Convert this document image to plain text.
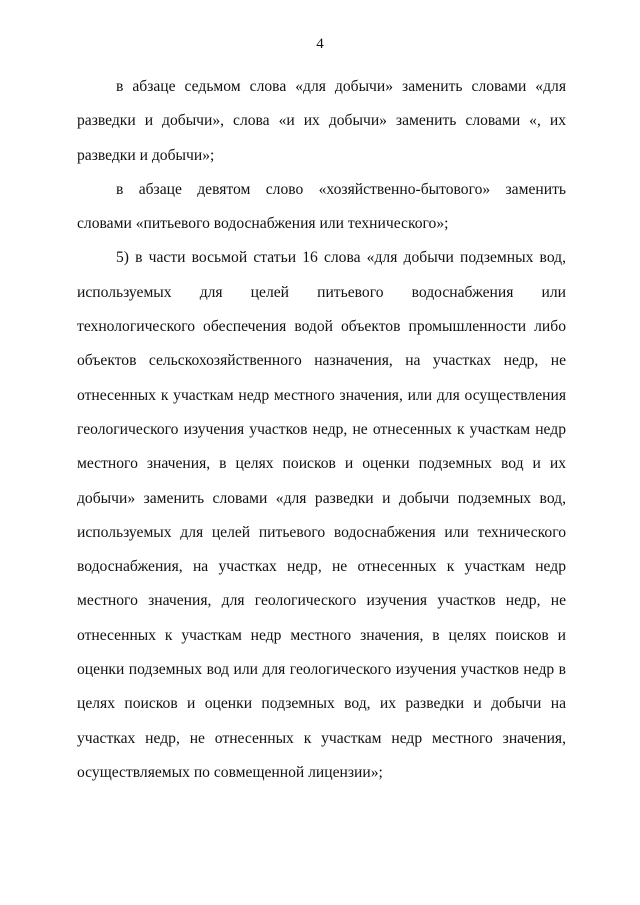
4

в абзаце седьмом слова «для добычи» заменить словами «для разведки и добычи», слова «и их добычи» заменить словами «, их разведки и добычи»;

в абзаце девятом слово «хозяйственно-бытового» заменить словами «питьевого водоснабжения или технического»;

5) в части восьмой статьи 16 слова «для добычи подземных вод, используемых для целей питьевого водоснабжения или технологического обеспечения водой объектов промышленности либо объектов сельскохозяйственного назначения, на участках недр, не отнесенных к участкам недр местного значения, или для осуществления геологического изучения участков недр, не отнесенных к участкам недр местного значения, в целях поисков и оценки подземных вод и их добычи» заменить словами «для разведки и добычи подземных вод, используемых для целей питьевого водоснабжения или технического водоснабжения, на участках недр, не отнесенных к участкам недр местного значения, для геологического изучения участков недр, не отнесенных к участкам недр местного значения, в целях поисков и оценки подземных вод или для геологического изучения участков недр в целях поисков и оценки подземных вод, их разведки и добычи на участках недр, не отнесенных к участкам недр местного значения, осуществляемых по совмещенной лицензии»;
